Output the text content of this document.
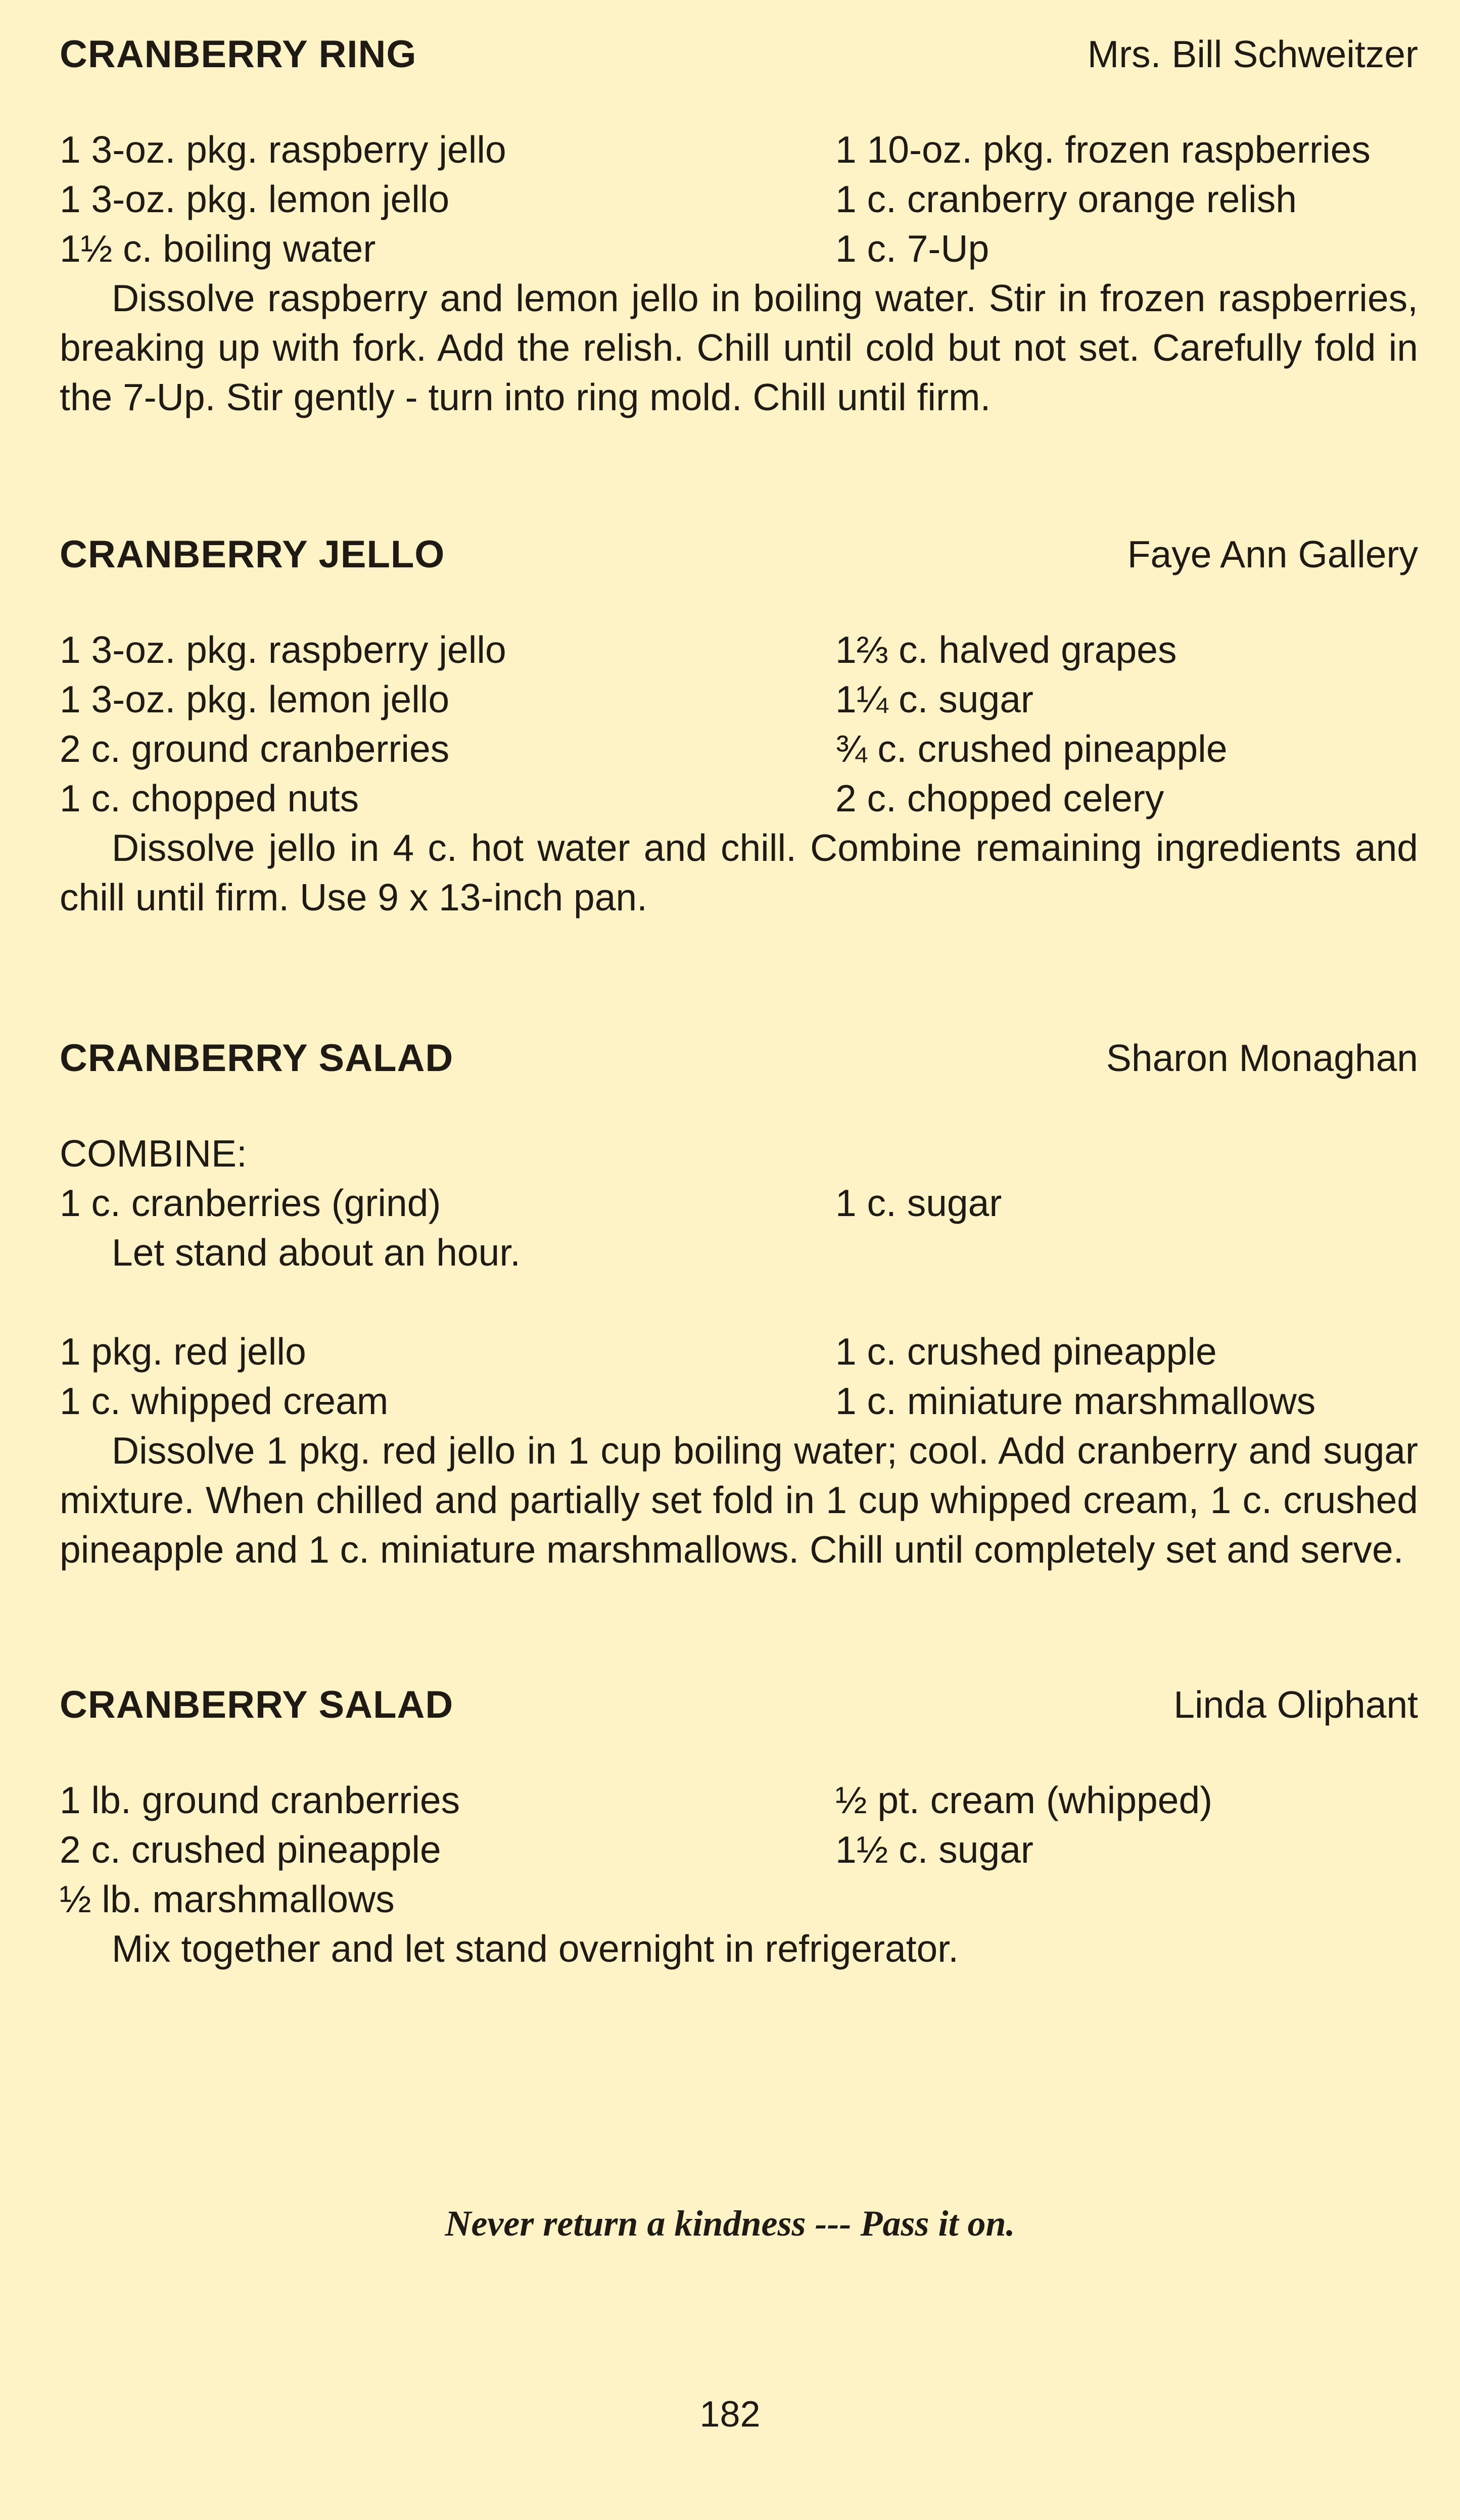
CRANBERRY RING	Mrs. Bill Schweitzer
1 3-oz. pkg. raspberry jello	1 10-oz. pkg. frozen raspberries
1 3-oz. pkg. lemon jello	1 c. cranberry orange relish
1½ c. boiling water	1 c. 7-Up
Dissolve raspberry and lemon jello in boiling water. Stir in frozen raspberries, breaking up with fork. Add the relish. Chill until cold but not set. Carefully fold in the 7-Up. Stir gently - turn into ring mold. Chill until firm.
CRANBERRY JELLO	Faye Ann Gallery
1 3-oz. pkg. raspberry jello	1⅔ c. halved grapes
1 3-oz. pkg. lemon jello	1¼ c. sugar
2 c. ground cranberries	¾ c. crushed pineapple
1 c. chopped nuts	2 c. chopped celery
Dissolve jello in 4 c. hot water and chill. Combine remaining ingredients and chill until firm. Use 9 x 13-inch pan.
CRANBERRY SALAD	Sharon Monaghan
COMBINE:
1 c. cranberries (grind)	1 c. sugar
Let stand about an hour.
1 pkg. red jello	1 c. crushed pineapple
1 c. whipped cream	1 c. miniature marshmallows
Dissolve 1 pkg. red jello in 1 cup boiling water; cool. Add cranberry and sugar mixture. When chilled and partially set fold in 1 cup whipped cream, 1 c. crushed pineapple and 1 c. miniature marshmallows. Chill until completely set and serve.
CRANBERRY SALAD	Linda Oliphant
1 lb. ground cranberries	½ pt. cream (whipped)
2 c. crushed pineapple	1½ c. sugar
½ lb. marshmallows
Mix together and let stand overnight in refrigerator.
Never return a kindness --- Pass it on.
182
